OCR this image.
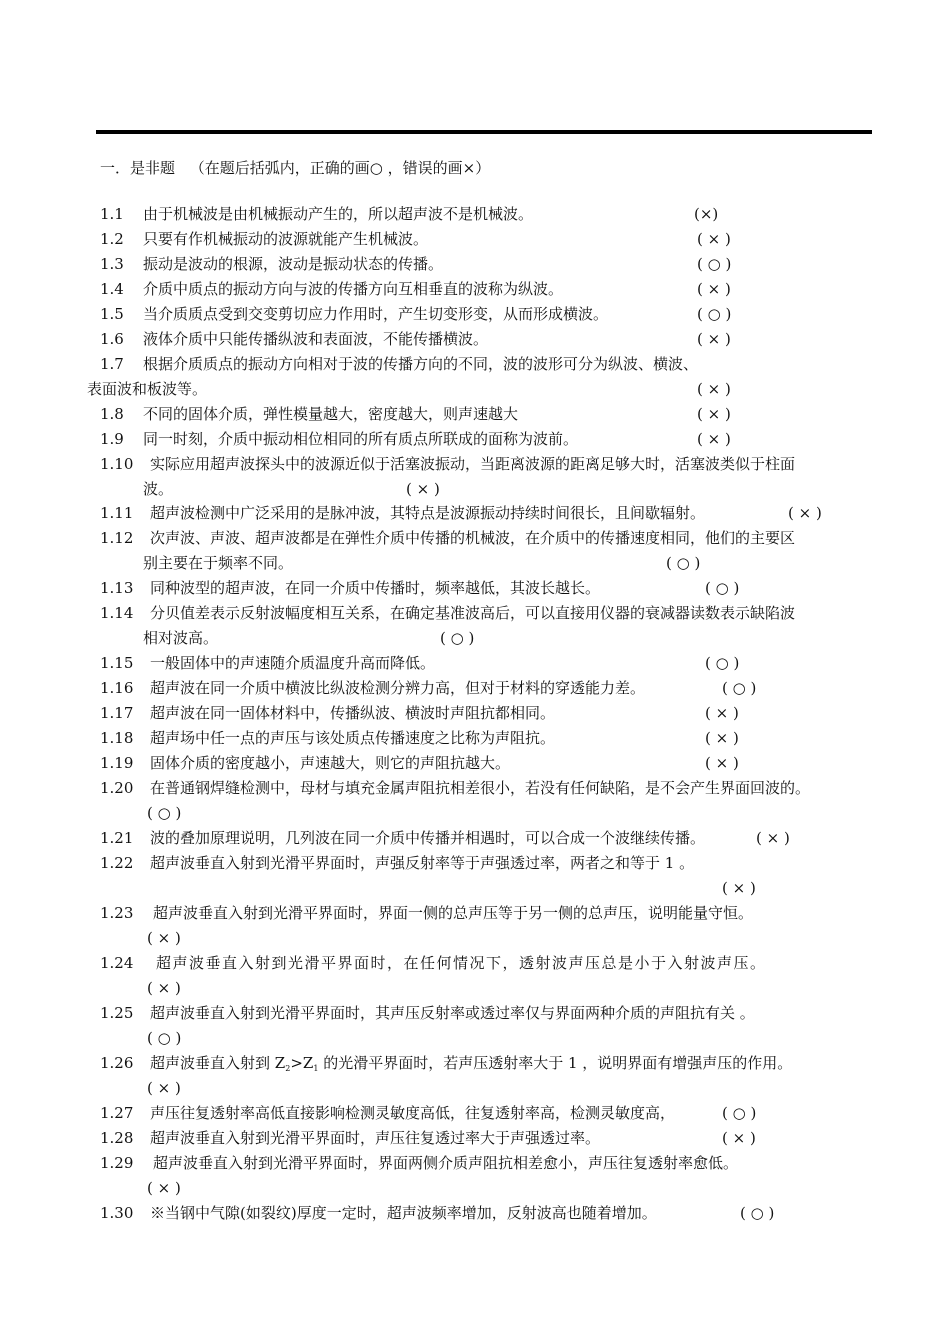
一．是非题 （在题后括弧内，正确的画○ ，错误的画×）
1.1 由于机械波是由机械振动产生的，所以超声波不是机械波。	(×)
1.2 只要有作机械振动的波源就能产生机械波。	( × )
1.3 振动是波动的根源，波动是振动状态的传播。	( ○ )
1.4 介质中质点的振动方向与波的传播方向互相垂直的波称为纵波。	( × )
1.5 当介质质点受到交变剪切应力作用时，产生切变形变，从而形成横波。	( ○ )
1.6 液体介质中只能传播纵波和表面波，不能传播横波。	( × )
1.7 根据介质质点的振动方向相对于波的传播方向的不同，波的波形可分为纵波、横波、
表面波和板波等。	( × )
1.8 不同的固体介质，弹性模量越大，密度越大，则声速越大	( × )
1.9 同一时刻，介质中振动相位相同的所有质点所联成的面称为波前。	( × )
1.10 实际应用超声波探头中的波源近似于活塞波振动，当距离波源的距离足够大时，活塞波类似于柱面
波。	( × )
1.11 超声波检测中广泛采用的是脉冲波，其特点是波源振动持续时间很长，且间歇辐射。	( × )
1.12 次声波、声波、超声波都是在弹性介质中传播的机械波，在介质中的传播速度相同，他们的主要区
别主要在于频率不同。	( ○ )
1.13 同种波型的超声波，在同一介质中传播时，频率越低，其波长越长。	( ○ )
1.14 分贝值差表示反射波幅度相互关系，在确定基准波高后，可以直接用仪器的衰减器读数表示缺陷波
相对波高。	( ○ )
1.15 一般固体中的声速随介质温度升高而降低。	( ○ )
1.16 超声波在同一介质中横波比纵波检测分辨力高，但对于材料的穿透能力差。	( ○ )
1.17 超声波在同一固体材料中，传播纵波、横波时声阻抗都相同。	( × )
1.18 超声场中任一点的声压与该处质点传播速度之比称为声阻抗。	( × )
1.19 固体介质的密度越小，声速越大，则它的声阻抗越大。	( × )
1.20 在普通钢焊缝检测中，母材与填充金属声阻抗相差很小，若没有任何缺陷，是不会产生界面回波的。
( ○ )
1.21 波的叠加原理说明，几列波在同一介质中传播并相遇时，可以合成一个波继续传播。	( × )
1.22 超声波垂直入射到光滑平界面时，声强反射率等于声强透过率，两者之和等于 1 。
( × )
1.23 超声波垂直入射到光滑平界面时，界面一侧的总声压等于另一侧的总声压，说明能量守恒。
( × )
1.24 超声波垂直入射到光滑平界面时，在任何情况下，透射波声压总是小于入射波声压。
( × )
1.25 超声波垂直入射到光滑平界面时，其声压反射率或透过率仅与界面两种介质的声阻抗有关 。
( ○ )
1.26 超声波垂直入射到 $Z_2>Z_1$ 的光滑平界面时，若声压透射率大于 1 ，说明界面有增强声压的作用。
( × )
1.27 声压往复透射率高低直接影响检测灵敏度高低，往复透射率高，检测灵敏度高，	( ○ )
1.28 超声波垂直入射到光滑平界面时，声压往复透过率大于声强透过率。	( × )
1.29 超声波垂直入射到光滑平界面时，界面两侧介质声阻抗相差愈小，声压往复透射率愈低。
( × )
1.30 ※当钢中气隙(如裂纹)厚度一定时，超声波频率增加，反射波高也随着增加。	( ○ )
